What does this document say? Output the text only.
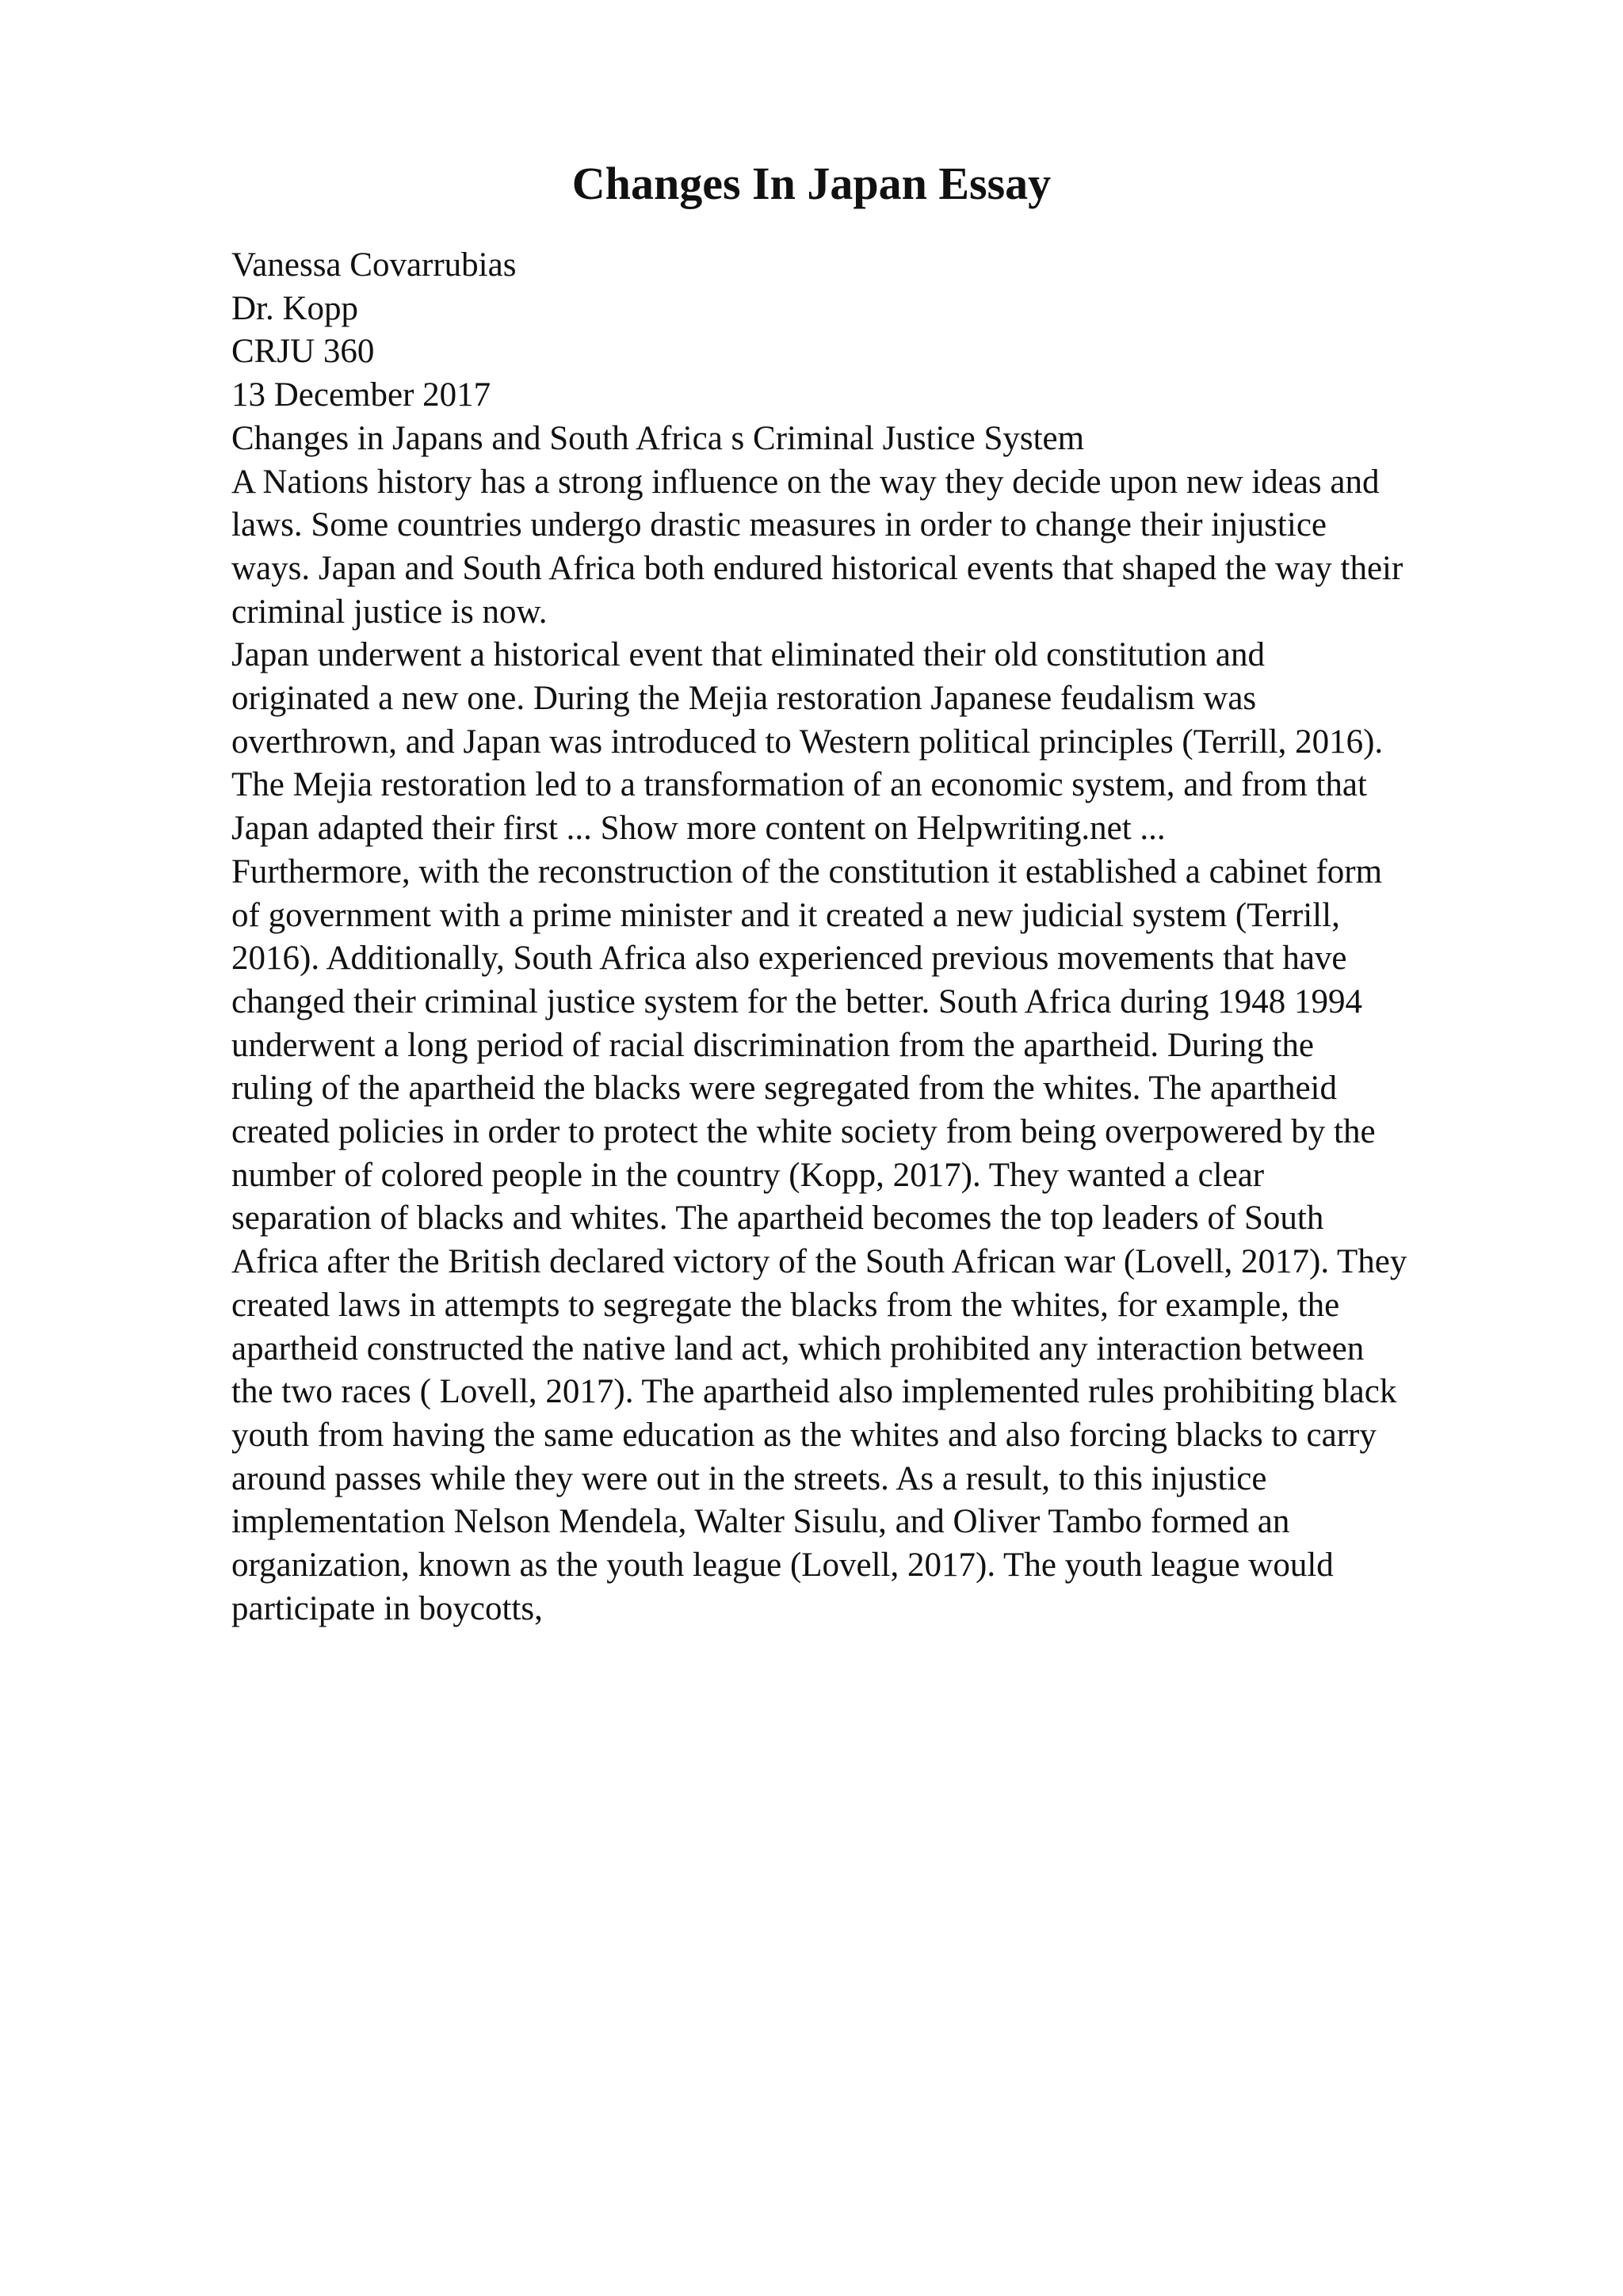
Changes In Japan Essay
Vanessa Covarrubias
Dr. Kopp
CRJU 360
13 December 2017
Changes in Japans and South Africa s Criminal Justice System
A Nations history has a strong influence on the way they decide upon new ideas and
laws. Some countries undergo drastic measures in order to change their injustice
ways. Japan and South Africa both endured historical events that shaped the way their
criminal justice is now.
Japan underwent a historical event that eliminated their old constitution and
originated a new one. During the Mejia restoration Japanese feudalism was
overthrown, and Japan was introduced to Western political principles (Terrill, 2016).
The Mejia restoration led to a transformation of an economic system, and from that
Japan adapted their first ... Show more content on Helpwriting.net ...
Furthermore, with the reconstruction of the constitution it established a cabinet form
of government with a prime minister and it created a new judicial system (Terrill,
2016). Additionally, South Africa also experienced previous movements that have
changed their criminal justice system for the better. South Africa during 1948 1994
underwent a long period of racial discrimination from the apartheid. During the
ruling of the apartheid the blacks were segregated from the whites. The apartheid
created policies in order to protect the white society from being overpowered by the
number of colored people in the country (Kopp, 2017). They wanted a clear
separation of blacks and whites. The apartheid becomes the top leaders of South
Africa after the British declared victory of the South African war (Lovell, 2017). They
created laws in attempts to segregate the blacks from the whites, for example, the
apartheid constructed the native land act, which prohibited any interaction between
the two races ( Lovell, 2017). The apartheid also implemented rules prohibiting black
youth from having the same education as the whites and also forcing blacks to carry
around passes while they were out in the streets. As a result, to this injustice
implementation Nelson Mendela, Walter Sisulu, and Oliver Tambo formed an
organization, known as the youth league (Lovell, 2017). The youth league would
participate in boycotts,
